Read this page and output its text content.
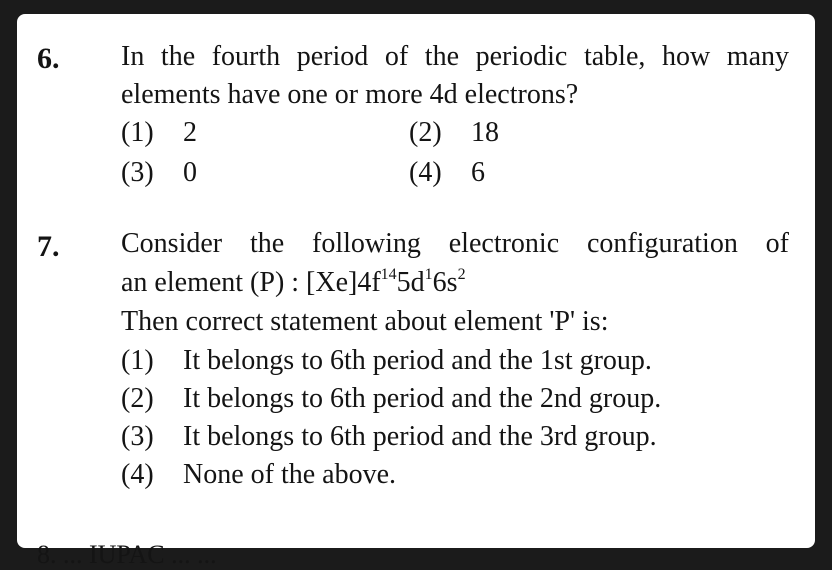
6. In the fourth period of the periodic table, how many
elements have one or more 4d electrons?
(1) 2	(2) 18
(3) 0	(4) 6
7. Consider the following electronic configuration of
an element (P) : $[Xe]4f^{14}5d^16s^2$
Then correct statement about element 'P' is:
(1) It belongs to 6th period and the 1st group.
(2) It belongs to 6th period and the 2nd group.
(3) It belongs to 6th period and the 3rd group.
(4) None of the above.
8. ... IUPAC ... ...
